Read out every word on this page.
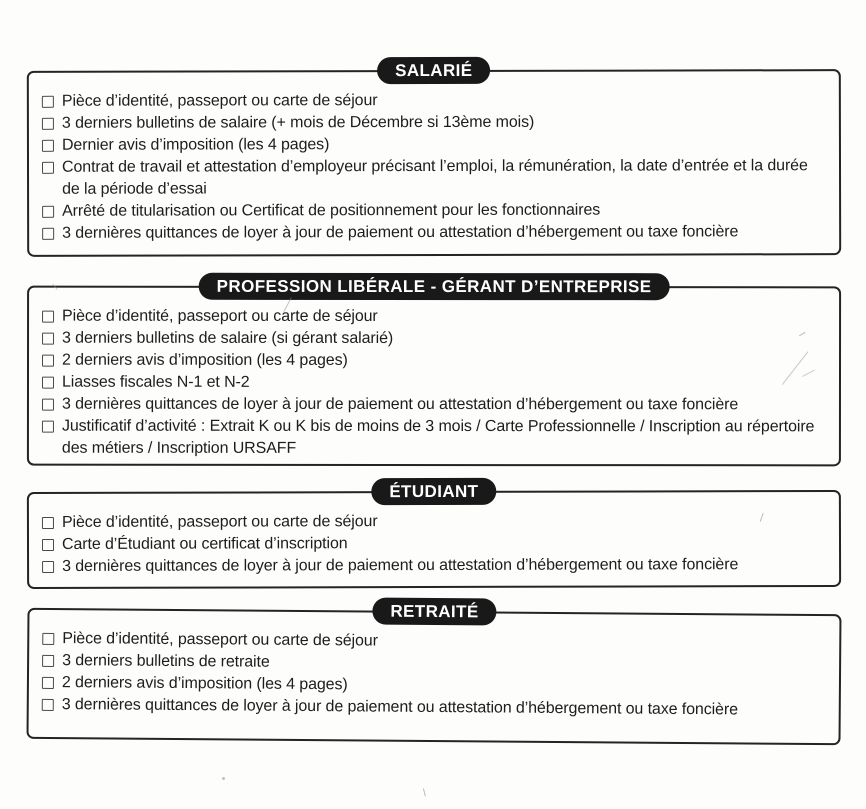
SALARIÉ
Pièce d’identité, passeport ou carte de séjour
3 derniers bulletins de salaire (+ mois de Décembre si 13ème mois)
Dernier avis d’imposition (les 4 pages)
Contrat de travail et attestation d’employeur précisant l’emploi, la rémunération, la date d’entrée et la durée de la période d’essai
Arrêté de titularisation ou Certificat de positionnement pour les fonctionnaires
3 dernières quittances de loyer à jour de paiement ou attestation d’hébergement ou taxe foncière
PROFESSION LIBÉRALE - GÉRANT D’ENTREPRISE
Pièce d’identité, passeport ou carte de séjour
3 derniers bulletins de salaire (si gérant salarié)
2 derniers avis d’imposition (les 4 pages)
Liasses fiscales N-1 et N-2
3 dernières quittances de loyer à jour de paiement ou attestation d’hébergement ou taxe foncière
Justificatif d’activité : Extrait K ou K bis de moins de 3 mois / Carte Professionnelle / Inscription au répertoire des métiers / Inscription URSAFF
ÉTUDIANT
Pièce d’identité, passeport ou carte de séjour
Carte d’Étudiant ou certificat d’inscription
3 dernières quittances de loyer à jour de paiement ou attestation d’hébergement ou taxe foncière
RETRAITÉ
Pièce d’identité, passeport ou carte de séjour
3 derniers bulletins de retraite
2 derniers avis d’imposition (les 4 pages)
3 dernières quittances de loyer à jour de paiement ou attestation d’hébergement ou taxe foncière
